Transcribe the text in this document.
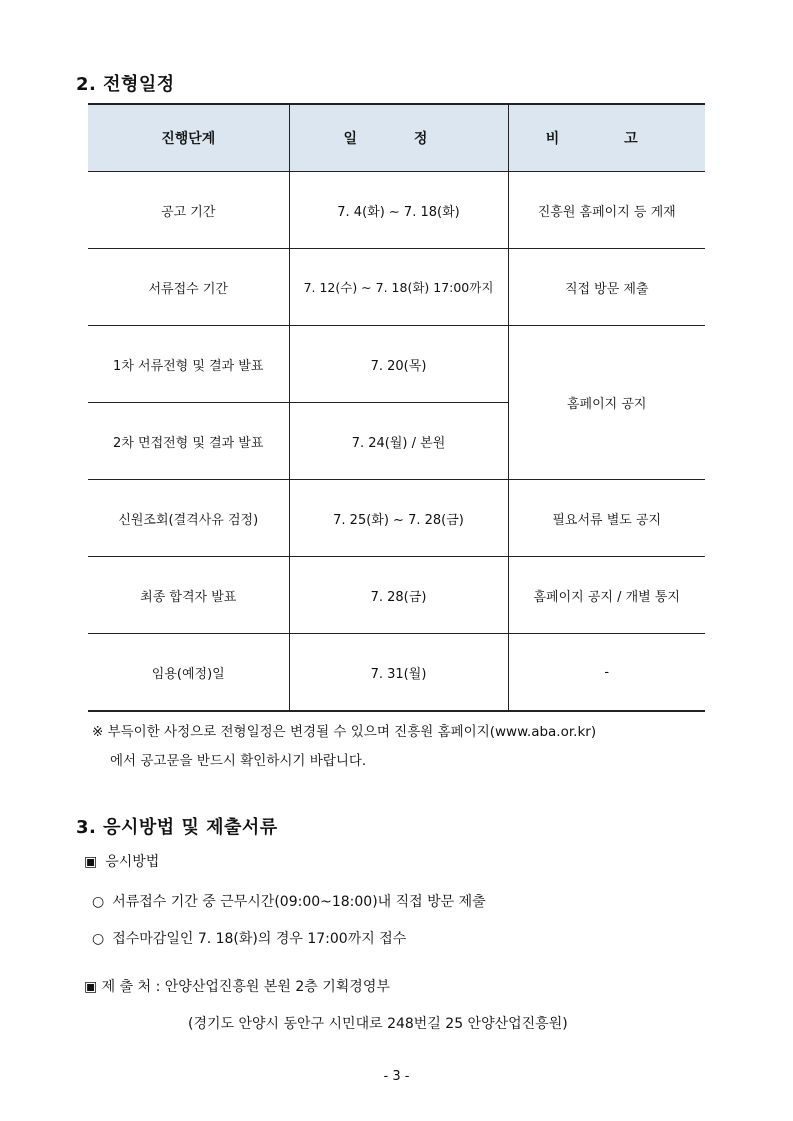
2. 전형일정
진행단계	일 정	비 고
공고 기간	7. 4(화) ∼ 7. 18(화)	진흥원 홈페이지 등 게재
서류접수 기간	7. 12(수) ∼ 7. 18(화) 17:00까지	직접 방문 제출
1차 서류전형 및 결과 발표	7. 20(목)	홈페이지 공지
2차 면접전형 및 결과 발표	7. 24(월) / 본원	
신원조회(결격사유 검정)	7. 25(화) ~ 7. 28(금)	필요서류 별도 공지
최종 합격자 발표	7. 28(금)	홈페이지 공지 / 개별 통지
임용(예정)일	7. 31(월)	-

※ 부득이한 사정으로 전형일정은 변경될 수 있으며 진흥원 홈페이지(www.aba.or.kr)
에서 공고문을 반드시 확인하시기 바랍니다.

3. 응시방법 및 제출서류

▣ 응시방법

○ 서류접수 기간 중 근무시간(09:00~18:00)내 직접 방문 제출

○ 접수마감일인 7. 18(화)의 경우 17:00까지 접수

▣ 제 출 처 : 안양산업진흥원 본원 2층 기획경영부

(경기도 안양시 동안구 시민대로 248번길 25 안양산업진흥원)

- 3 -
